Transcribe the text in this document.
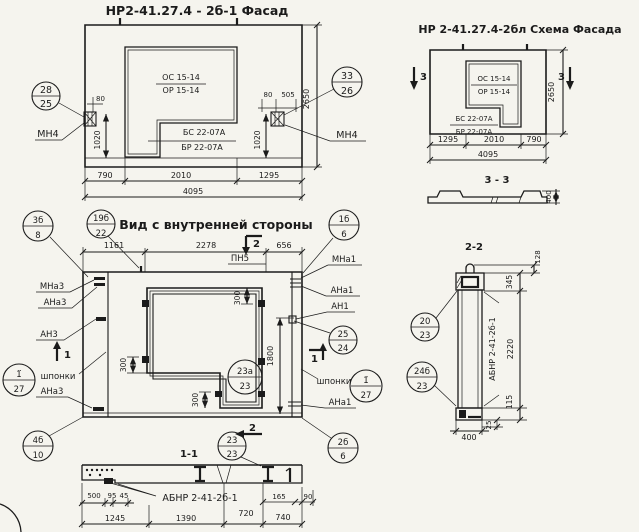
НР2-41.27.4 - 2б-1 Фасад
ОС 15-14
ОР 15-14
БС 22-07А
БР 22-07А
80	80 505
1020	1020
2650
790	2010	1295
4095
28
25
МН4
33
26
МН4
НР 2-41.27.4-2бл Схема Фасада
ОС 15-14
ОР 15-14
БС 22-07А
БР 22-07А
3	3
2650
1295	2010	790
4095
3 - 3
400
Вид с внутренней стороны
3б
8
19б
22
1б
6
1161	2278	656
ПН5
2
2
300
300
300
1800
МНа3
АНа3
АН3
шпонки
АНа3
1
1̈
27
4б
10
МНа1
АНа1
АН1
25
24
1
шпонки 1̄
27
АНа1
2б
6
23а
23
23
23
1-1
АБНР 2-41-2б-1
500 95 45
1245	1390
720	740
165	90
2-2
20
23
24б
23
АБНР 2-41-2б-1
128
345
2220
115
25
400
